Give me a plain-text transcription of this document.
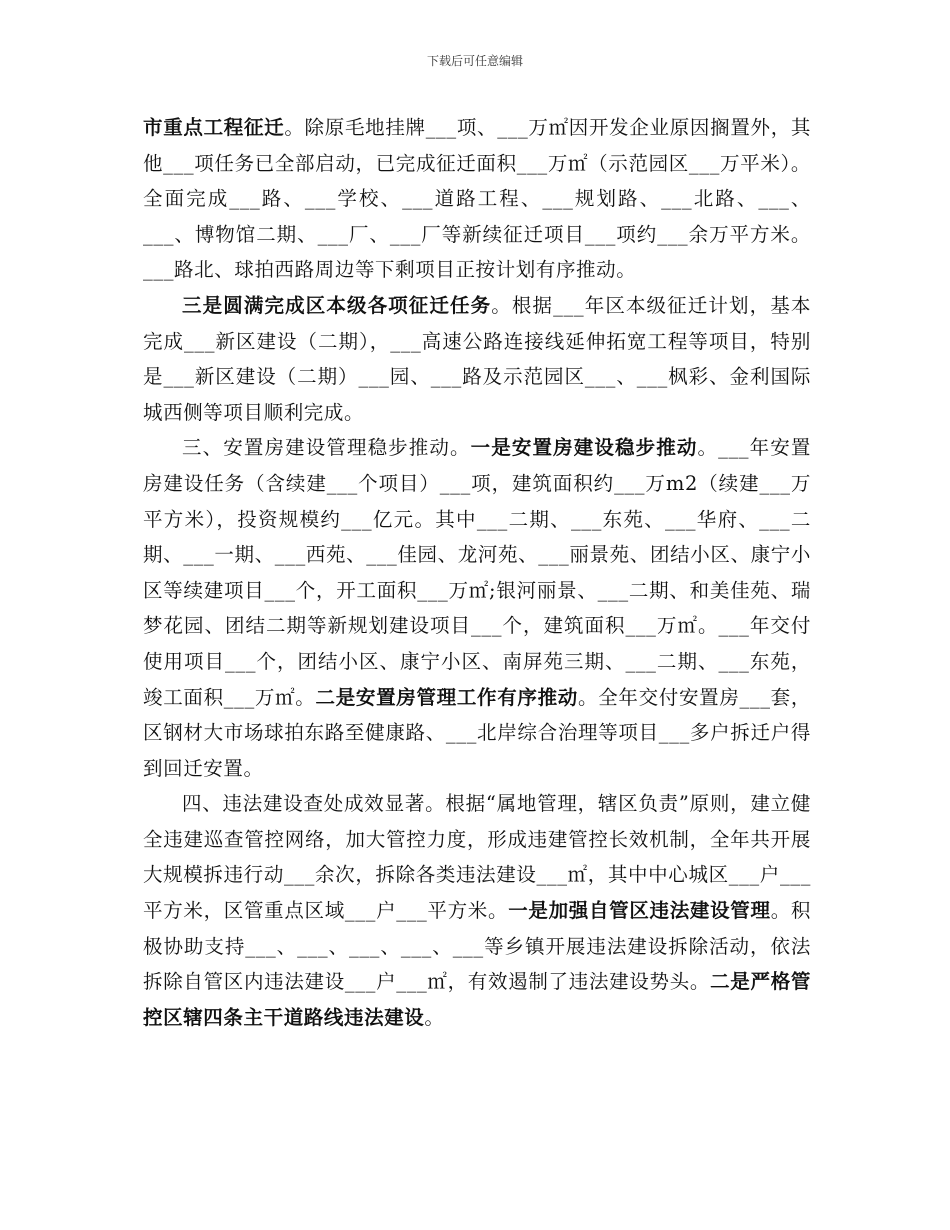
下载后可任意编辑

市重点工程征迁。除原毛地挂牌___项、___万㎡因开发企业原因搁置外，其他___项任务已全部启动，已完成征迁面积___万㎡（示范园区___万平米）。全面完成___路、___学校、___道路工程、___规划路、___北路、___、___、博物馆二期、___厂、___厂等新续征迁项目___项约___余万平方米。___路北、球拍西路周边等下剩项目正按计划有序推动。

三是圆满完成区本级各项征迁任务。根据___年区本级征迁计划，基本完成___新区建设（二期），___高速公路连接线延伸拓宽工程等项目，特别是___新区建设（二期）___园、___路及示范园区___、___枫彩、金利国际城西侧等项目顺利完成。

三、安置房建设管理稳步推动。一是安置房建设稳步推动。___年安置房建设任务（含续建___个项目）___项，建筑面积约___万m2（续建___万平方米），投资规模约___亿元。其中___二期、___东苑、___华府、___二期、___一期、___西苑、___佳园、龙河苑、___丽景苑、团结小区、康宁小区等续建项目___个，开工面积___万㎡;银河丽景、___二期、和美佳苑、瑞梦花园、团结二期等新规划建设项目___个，建筑面积___万㎡。___年交付使用项目___个，团结小区、康宁小区、南屏苑三期、___二期、___东苑，竣工面积___万㎡。二是安置房管理工作有序推动。全年交付安置房___套，区钢材大市场球拍东路至健康路、___北岸综合治理等项目___多户拆迁户得到回迁安置。

四、违法建设查处成效显著。根据“属地管理，辖区负责”原则，建立健全违建巡查管控网络，加大管控力度，形成违建管控长效机制，全年共开展大规模拆违行动___余次，拆除各类违法建设___㎡，其中中心城区___户___平方米，区管重点区域___户___平方米。一是加强自管区违法建设管理。积极协助支持___、___、___、___、___等乡镇开展违法建设拆除活动，依法拆除自管区内违法建设___户___㎡，有效遏制了违法建设势头。二是严格管控区辖四条主干道路线违法建设。
